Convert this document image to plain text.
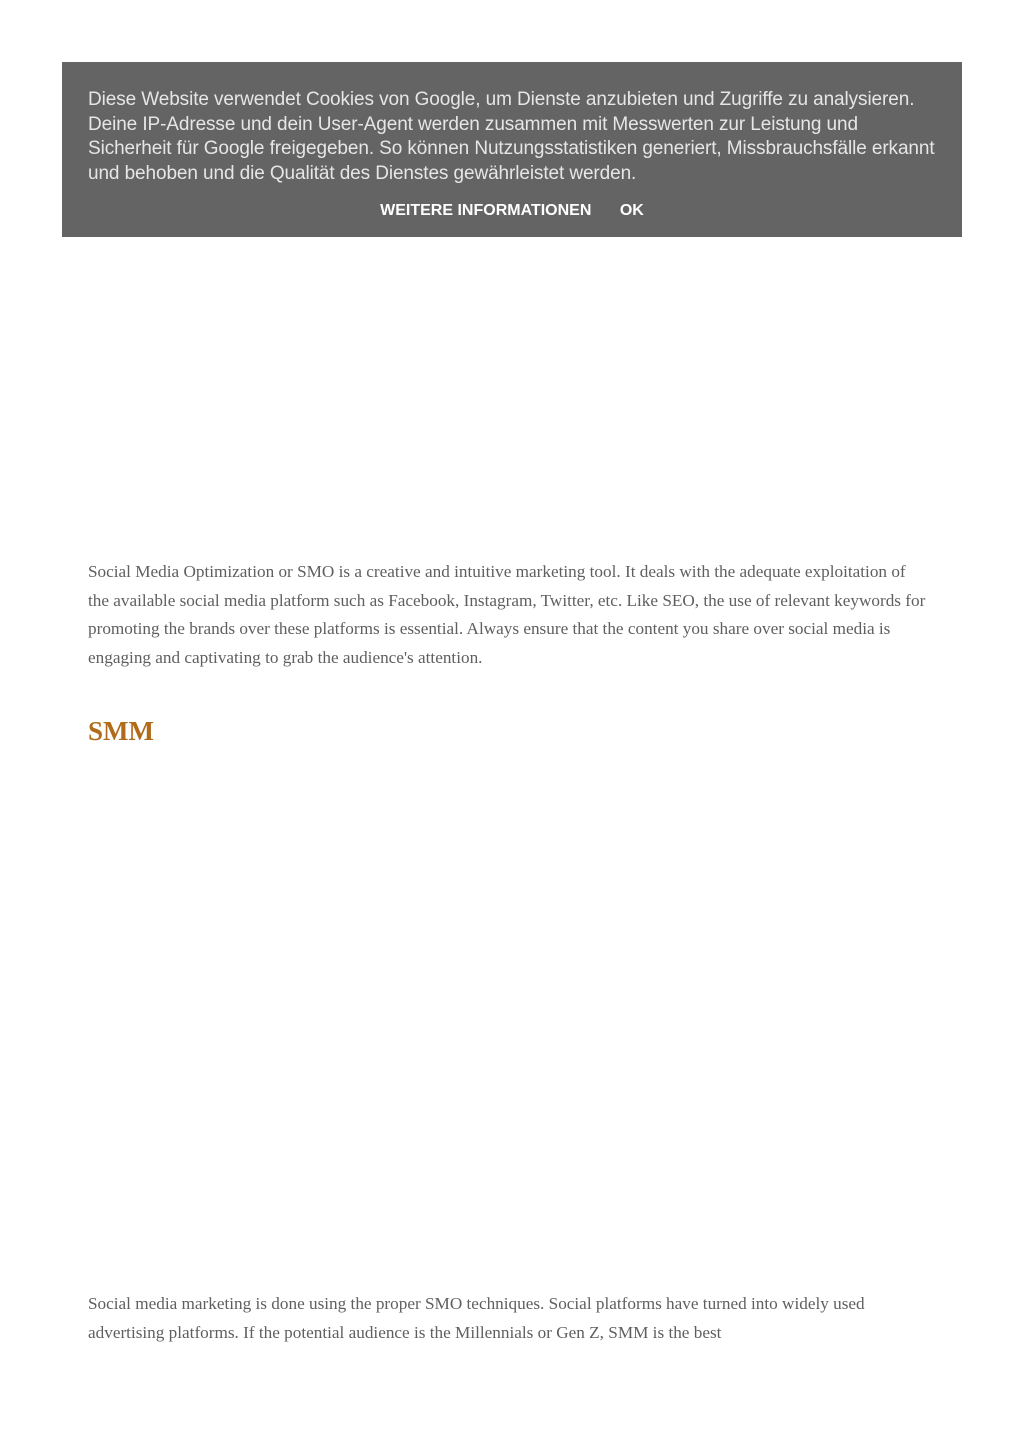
Diese Website verwendet Cookies von Google, um Dienste anzubieten und Zugriffe zu analysieren. Deine IP-Adresse und dein User-Agent werden zusammen mit Messwerten zur Leistung und Sicherheit für Google freigegeben. So können Nutzungsstatistiken generiert, Missbrauchsfälle erkannt und behoben und die Qualität des Dienstes gewährleistet werden.

WEITERE INFORMATIONEN OK

Social Media Optimization or SMO is a creative and intuitive marketing tool. It deals with the adequate exploitation of the available social media platform such as Facebook, Instagram, Twitter, etc. Like SEO, the use of relevant keywords for promoting the brands over these platforms is essential. Always ensure that the content you share over social media is engaging and captivating to grab the audience's attention.

SMM

Social media marketing is done using the proper SMO techniques. Social platforms have turned into widely used advertising platforms. If the potential audience is the Millennials or Gen Z, SMM is the best
